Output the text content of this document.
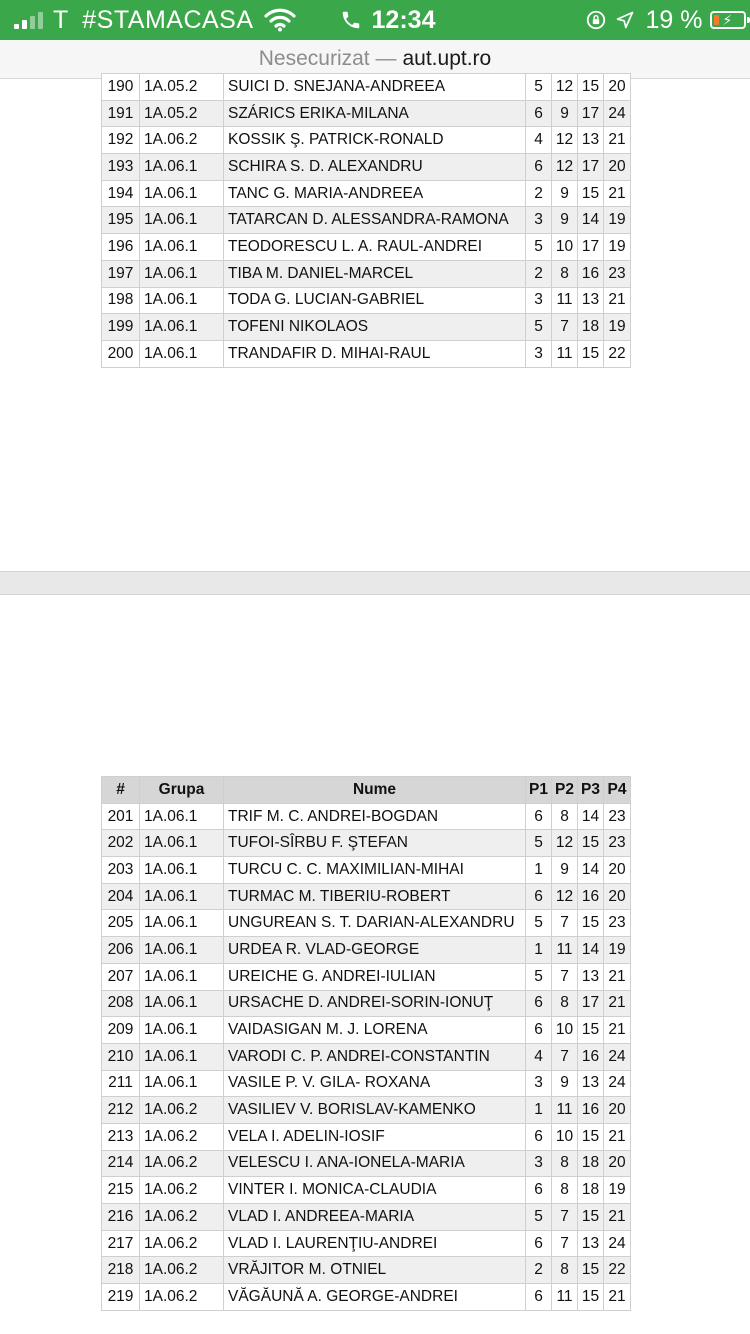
T #STAMACASA	12:34	19 % ⚡
Nesecurizat — aut.upt.ro
190	1A.05.2	SUICI D. SNEJANA-ANDREEA	5	12	15	20
191	1A.05.2	SZÁRICS ERIKA-MILANA	6	9	17	24
192	1A.06.2	KOSSIK Ş. PATRICK-RONALD	4	12	13	21
193	1A.06.1	SCHIRA S. D. ALEXANDRU	6	12	17	20
194	1A.06.1	TANC G. MARIA-ANDREEA	2	9	15	21
195	1A.06.1	TATARCAN D. ALESSANDRA-RAMONA	3	9	14	19
196	1A.06.1	TEODORESCU L. A. RAUL-ANDREI	5	10	17	19
197	1A.06.1	TIBA M. DANIEL-MARCEL	2	8	16	23
198	1A.06.1	TODA G. LUCIAN-GABRIEL	3	11	13	21
199	1A.06.1	TOFENI NIKOLAOS	5	7	18	19
200	1A.06.1	TRANDAFIR D. MIHAI-RAUL	3	11	15	22
#	Grupa	Nume	P1	P2	P3	P4
201	1A.06.1	TRIF M. C. ANDREI-BOGDAN	6	8	14	23
202	1A.06.1	TUFOI-SÎRBU F. ŞTEFAN	5	12	15	23
203	1A.06.1	TURCU C. C. MAXIMILIAN-MIHAI	1	9	14	20
204	1A.06.1	TURMAC M. TIBERIU-ROBERT	6	12	16	20
205	1A.06.1	UNGUREAN S. T. DARIAN-ALEXANDRU	5	7	15	23
206	1A.06.1	URDEA R. VLAD-GEORGE	1	11	14	19
207	1A.06.1	UREICHE G. ANDREI-IULIAN	5	7	13	21
208	1A.06.1	URSACHE D. ANDREI-SORIN-IONUŢ	6	8	17	21
209	1A.06.1	VAIDASIGAN M. J. LORENA	6	10	15	21
210	1A.06.1	VARODI C. P. ANDREI-CONSTANTIN	4	7	16	24
211	1A.06.1	VASILE P. V. GILA- ROXANA	3	9	13	24
212	1A.06.2	VASILIEV V. BORISLAV-KAMENKO	1	11	16	20
213	1A.06.2	VELA I. ADELIN-IOSIF	6	10	15	21
214	1A.06.2	VELESCU I. ANA-IONELA-MARIA	3	8	18	20
215	1A.06.2	VINTER I. MONICA-CLAUDIA	6	8	18	19
216	1A.06.2	VLAD I. ANDREEA-MARIA	5	7	15	21
217	1A.06.2	VLAD I. LAURENŢIU-ANDREI	6	7	13	24
218	1A.06.2	VRĂJITOR M. OTNIEL	2	8	15	22
219	1A.06.2	VĂGĂUNĂ A. GEORGE-ANDREI	6	11	15	21
